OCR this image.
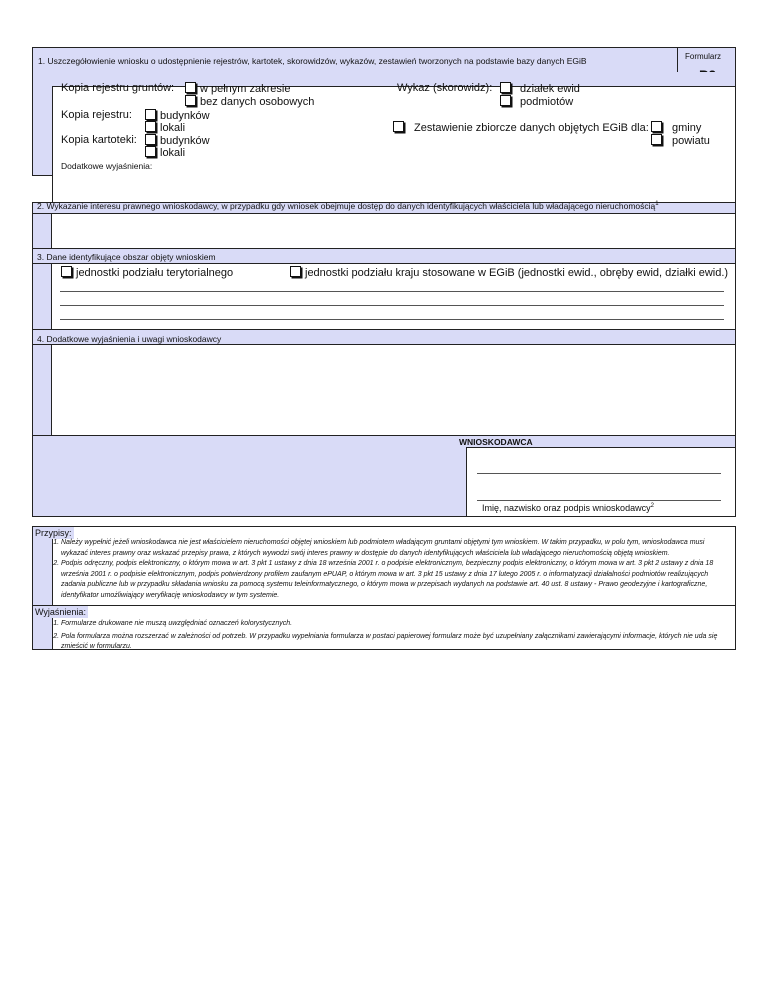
1. Uszczegółowienie wniosku o udostępnienie rejestrów, kartotek, skorowidzów, wykazów, zestawień tworzonych na podstawie bazy danych EGiB	Formularz
Kopia rejestru gruntów:	w pełnym zakresie
bez danych osobowych
Kopia rejestru:	budynków
lokali
Kopia kartoteki:	budynków
lokali
Wykaz (skorowidz):	działek ewid
podmiotów
Zestawienie zbiorcze danych objętych EGiB dla:	gminy
powiatu
Dodatkowe wyjaśnienia:
2. Wykazanie interesu prawnego wnioskodawcy, w przypadku gdy wniosek obejmuje dostęp do danych identyfikujących właściciela lub władającego nieruchomością$^1$
3. Dane identyfikujące obszar objęty wnioskiem
jednostki podziału terytorialnego	jednostki podziału kraju stosowane w EGiB (jednostki ewid., obręby ewid, działki ewid.)
4. Dodatkowe wyjaśnienia i uwagi wnioskodawcy
WNIOSKODAWCA
Imię, nazwisko oraz podpis wnioskodawcy$^2$
Przypisy:
1. Należy wypełnić jeżeli wnioskodawca nie jest właścicielem nieruchomości objętej wnioskiem lub podmiotem władającym gruntami objętymi tym wnioskiem. W takim przypadku, w polu tym, wnioskodawca musi wykazać interes prawny oraz wskazać przepisy prawa, z których wywodzi swój interes prawny w dostępie do danych identyfikujących właściciela lub władającego nieruchomością objętą wnioskiem.
2. Podpis odręczny, podpis elektroniczny, o którym mowa w art. 3 pkt 1 ustawy z dnia 18 września 2001 r. o podpisie elektronicznym, bezpieczny podpis elektroniczny, o którym mowa w art. 3 pkt 2 ustawy z dnia 18 września 2001 r. o podpisie elektronicznym, podpis potwierdzony profilem zaufanym ePUAP, o którym mowa w art. 3 pkt 15 ustawy z dnia 17 lutego 2005 r. o informatyzacji działalności podmiotów realizujących zadania publiczne lub w przypadku składania wniosku za pomocą systemu teleinformatycznego, o którym mowa w przepisach wydanych na podstawie art. 40 ust. 8 ustawy - Prawo geodezyjne i kartograficzne, identyfikator umożliwiający weryfikację wnioskodawcy w tym systemie.
Wyjaśnienia:
1. Formularze drukowane nie muszą uwzględniać oznaczeń kolorystycznych.
2. Pola formularza można rozszerzać w zależności od potrzeb. W przypadku wypełniania formularza w postaci papierowej formularz może być uzupełniany załącznikami zawierającymi informacje, których nie uda się zmieścić w formularzu.
